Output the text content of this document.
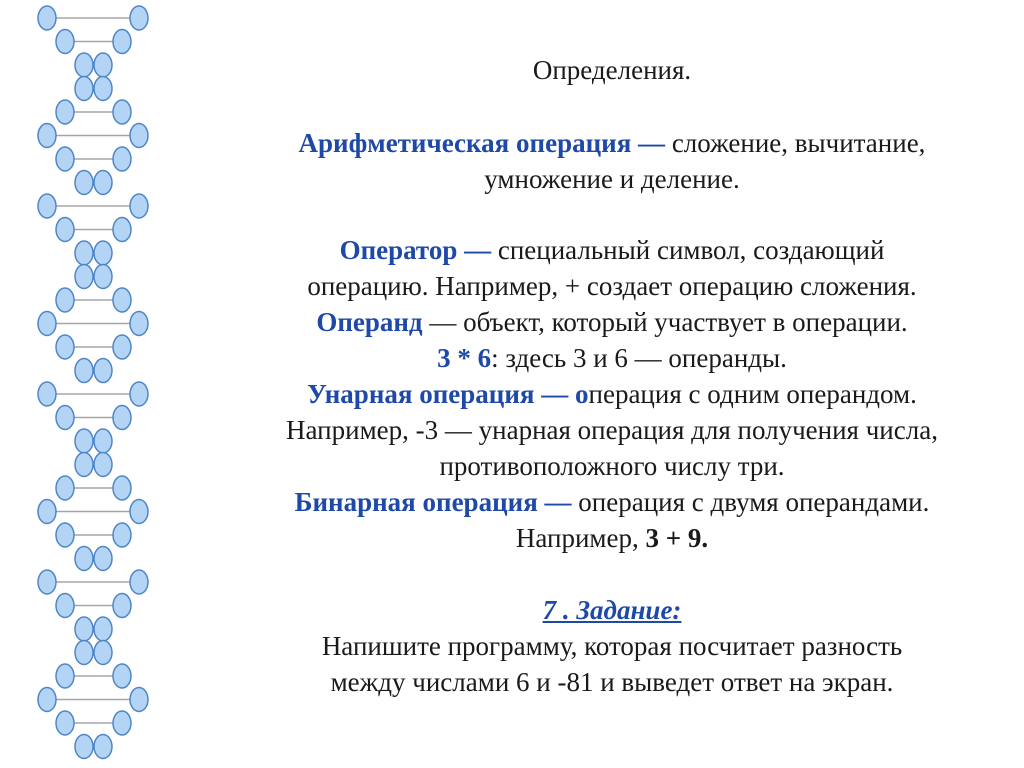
Определения.
Арифметическая операция — сложение, вычитание,
умножение и деление.
Оператор — специальный символ, создающий
операцию. Например, + создает операцию сложения.
Операнд — объект, который участвует в операции.
3 * 6: здесь 3 и 6 — операнды.
Унарная операция — операция с одним операндом.
Например, -3 — унарная операция для получения числа,
противоположного числу три.
Бинарная операция — операция с двумя операндами.
Например, 3 + 9.
7 . Задание:
Напишите программу, которая посчитает разность
между числами 6 и -81 и выведет ответ на экран.
